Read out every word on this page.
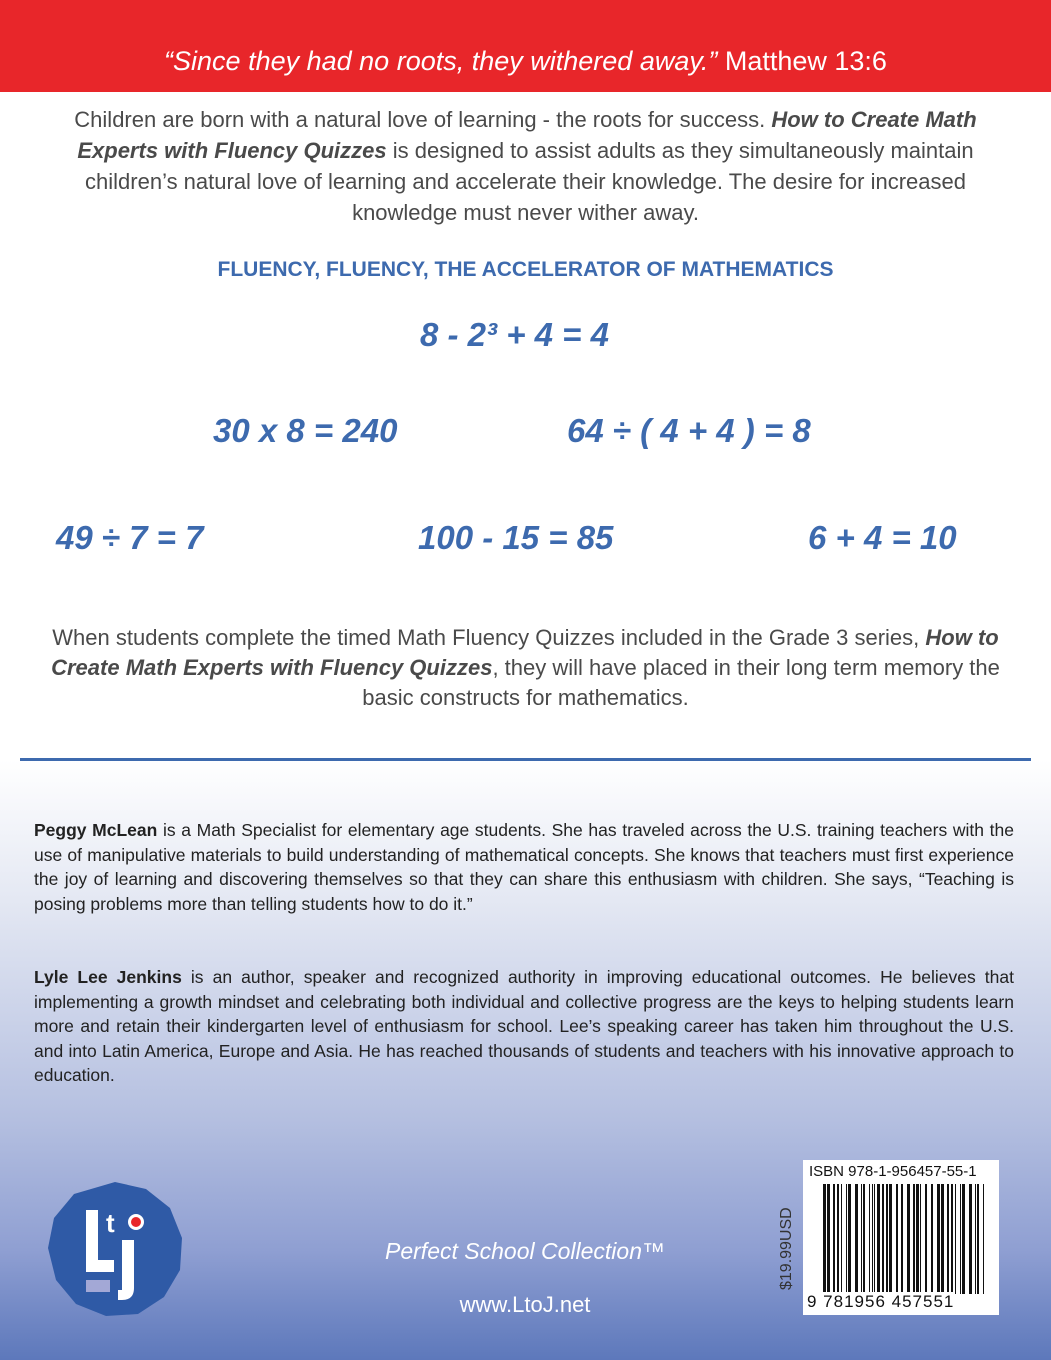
“Since they had no roots, they withered away.” Matthew 13:6
Children are born with a natural love of learning - the roots for success. How to Create Math Experts with Fluency Quizzes is designed to assist adults as they simultaneously maintain children’s natural love of learning and accelerate their knowledge. The desire for increased knowledge must never wither away.
FLUENCY, FLUENCY, THE ACCELERATOR OF MATHEMATICS
8 - 2³ + 4 = 4
30 x 8 = 240	64 ÷ ( 4 + 4 ) = 8
49 ÷ 7 = 7	100 - 15 = 85	6 + 4 = 10
When students complete the timed Math Fluency Quizzes included in the Grade 3 series, How to Create Math Experts with Fluency Quizzes, they will have placed in their long term memory the basic constructs for mathematics.
Peggy McLean is a Math Specialist for elementary age students. She has traveled across the U.S. training teachers with the use of manipulative materials to build understanding of mathematical concepts. She knows that teachers must first experience the joy of learning and discovering themselves so that they can share this enthusiasm with children. She says, “Teaching is posing problems more than telling students how to do it.”
Lyle Lee Jenkins is an author, speaker and recognized authority in improving educational outcomes. He believes that implementing a growth mindset and celebrating both individual and collective progress are the keys to helping students learn more and retain their kindergarten level of enthusiasm for school. Lee’s speaking career has taken him throughout the U.S. and into Latin America, Europe and Asia. He has reached thousands of students and teachers with his innovative approach to education.
t
Perfect School Collection™
www.LtoJ.net
$19.99USD
ISBN 978-1-956457-55-1
9 781956 457551
